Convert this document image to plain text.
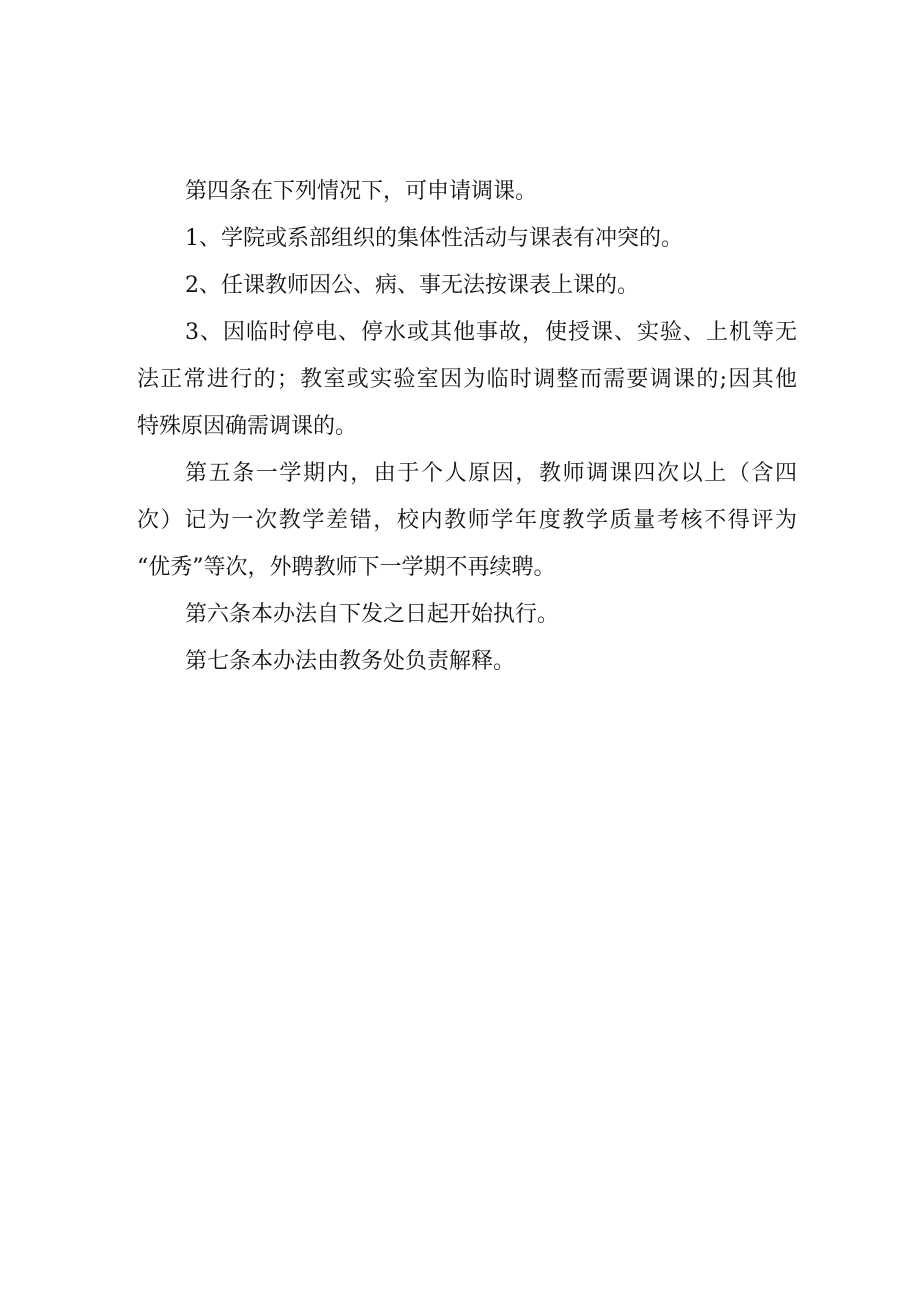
第四条在下列情况下，可申请调课。

1、学院或系部组织的集体性活动与课表有冲突的。

2、任课教师因公、病、事无法按课表上课的。

3、因临时停电、停水或其他事故，使授课、实验、上机等无
法正常进行的；教室或实验室因为临时调整而需要调课的;因其他
特殊原因确需调课的。

第五条一学期内，由于个人原因，教师调课四次以上（含四
次）记为一次教学差错，校内教师学年度教学质量考核不得评为
“优秀”等次，外聘教师下一学期不再续聘。

第六条本办法自下发之日起开始执行。

第七条本办法由教务处负责解释。
